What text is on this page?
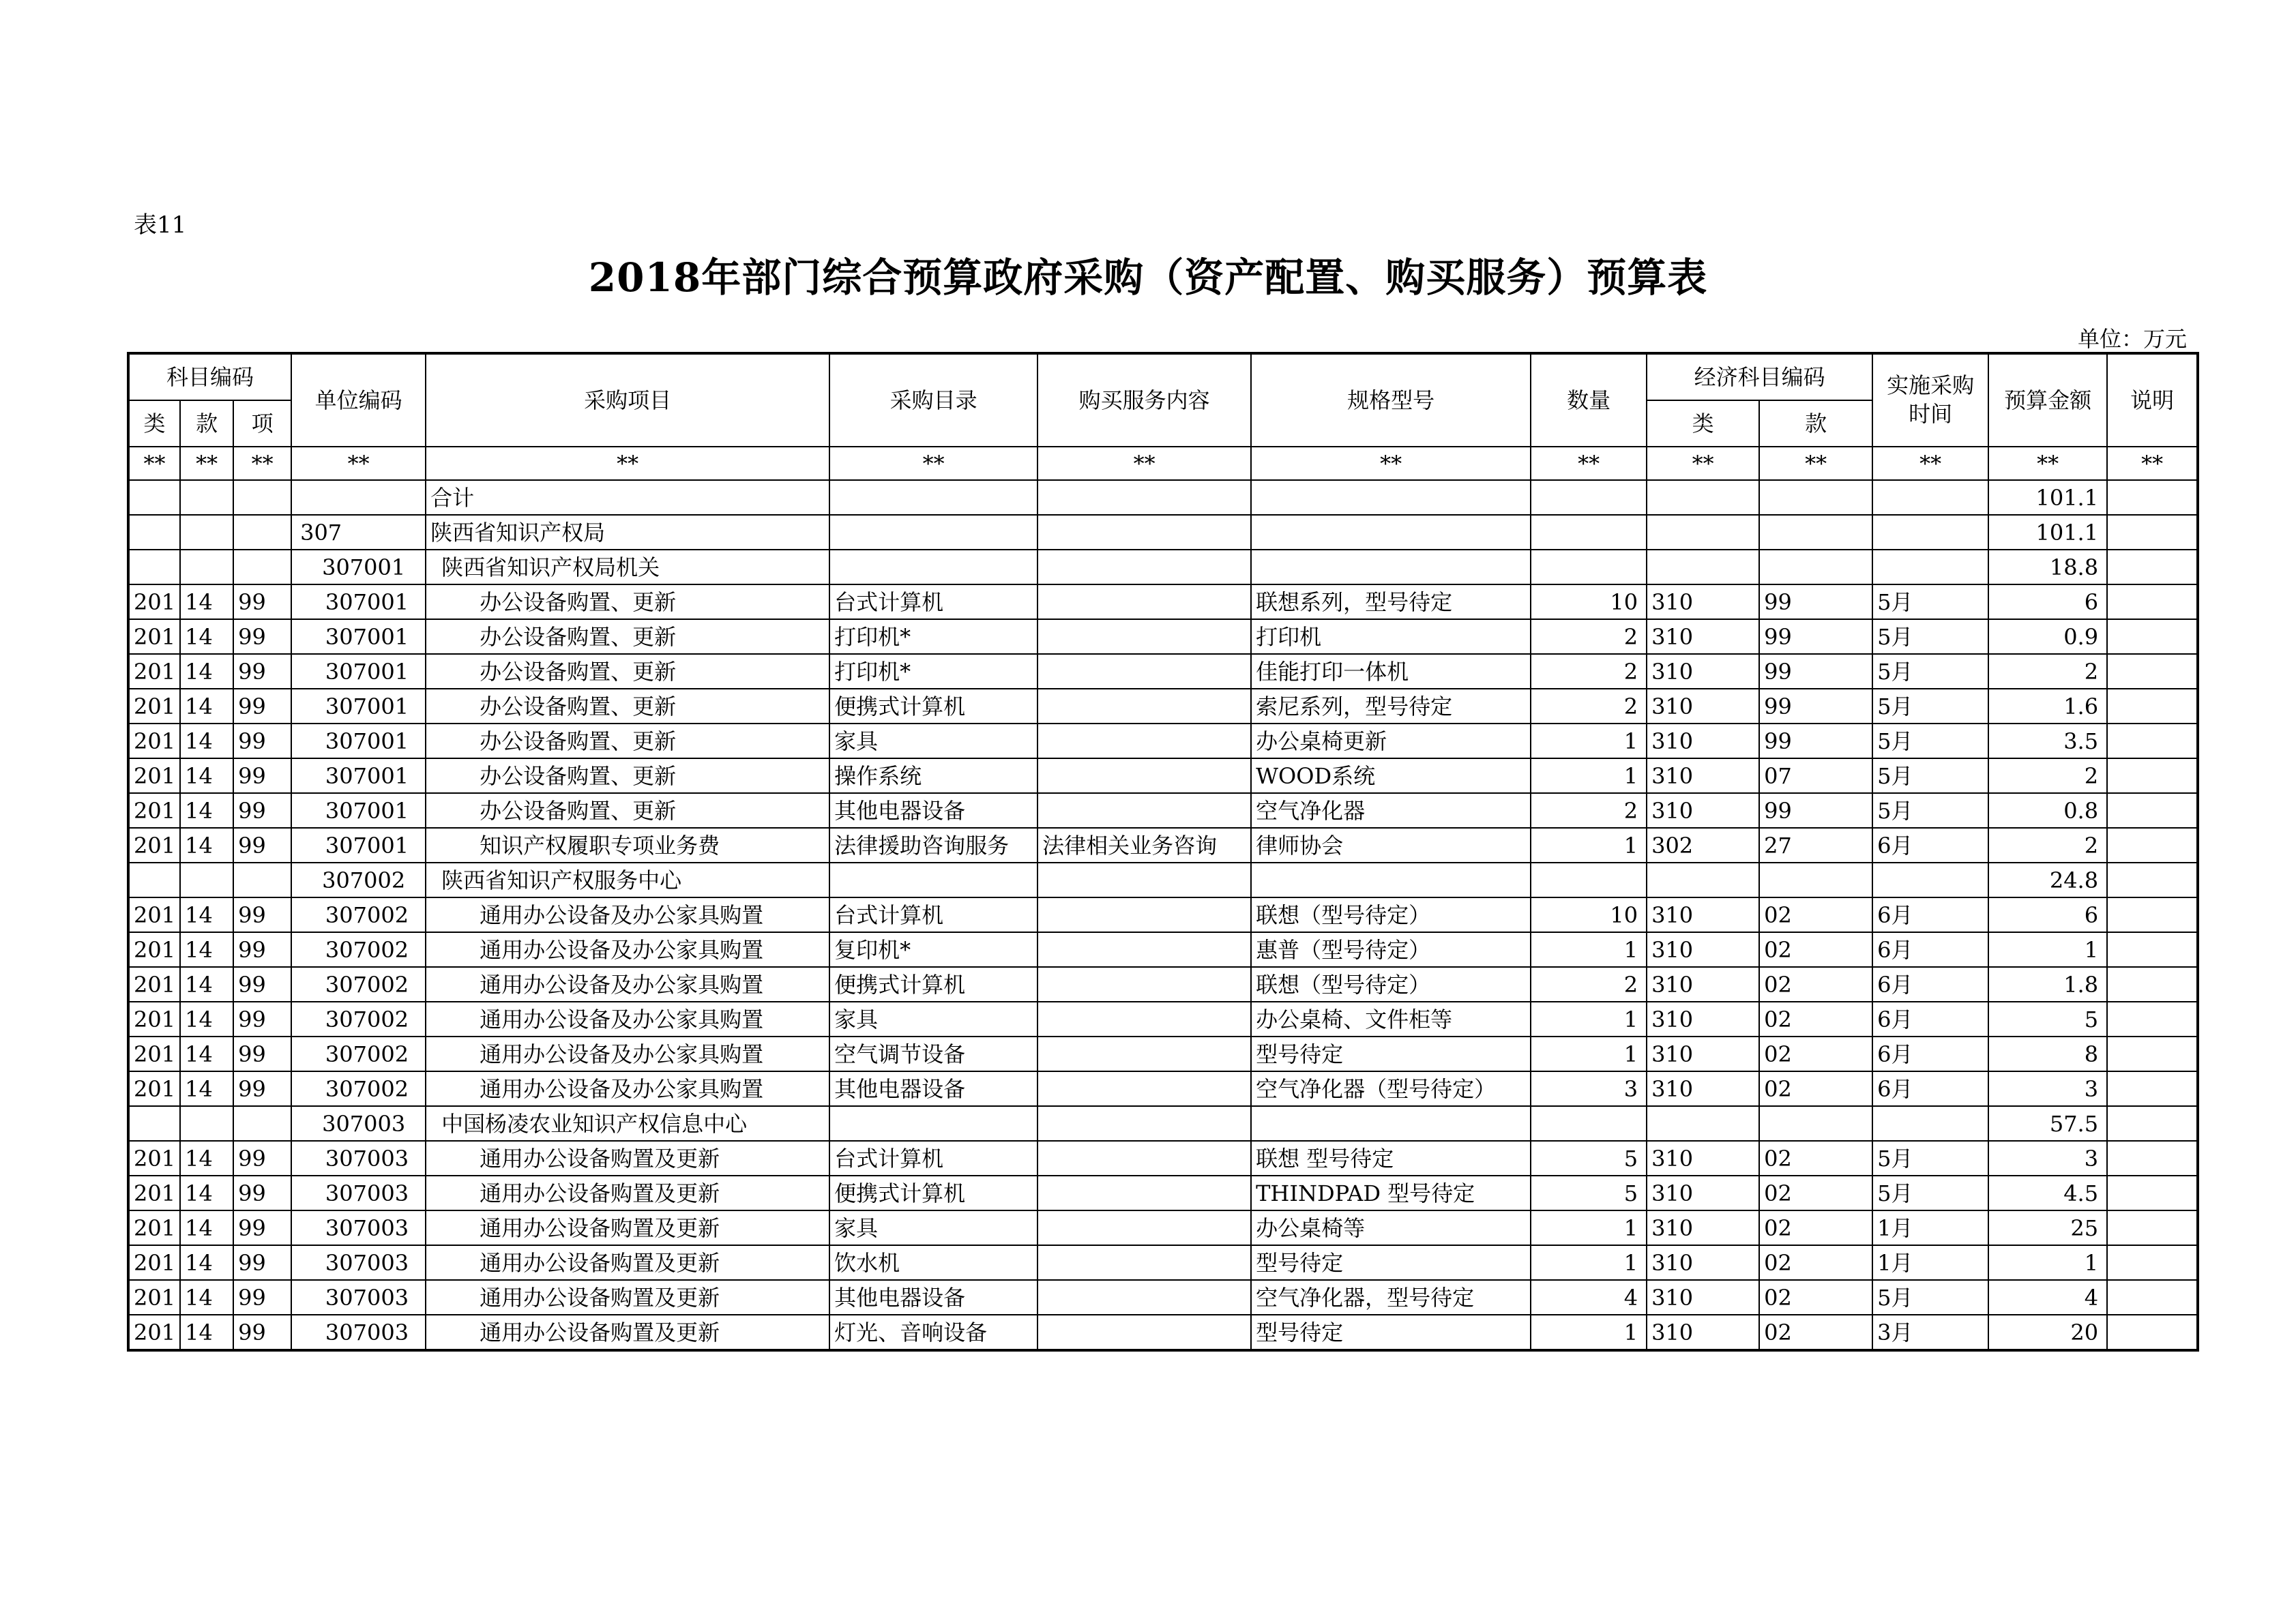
表11
2018年部门综合预算政府采购（资产配置、购买服务）预算表
单位：万元
科目编码			单位编码	采购项目	采购目录	购买服务内容	规格型号	数量	经济科目编码		实施采购时间	预算金额	说明
类	款	项							类	款			
**	**	**	**	**	**	**	**	**	**	**	**	**	**
				合计								101.1	
			307	陕西省知识产权局								101.1	
			307001	陕西省知识产权局机关								18.8	
201	14	99	307001	办公设备购置、更新	台式计算机		联想系列，型号待定	10	310	99	5月	6	
201	14	99	307001	办公设备购置、更新	打印机*		打印机	2	310	99	5月	0.9	
201	14	99	307001	办公设备购置、更新	打印机*		佳能打印一体机	2	310	99	5月	2	
201	14	99	307001	办公设备购置、更新	便携式计算机		索尼系列，型号待定	2	310	99	5月	1.6	
201	14	99	307001	办公设备购置、更新	家具		办公桌椅更新	1	310	99	5月	3.5	
201	14	99	307001	办公设备购置、更新	操作系统		WOOD系统	1	310	07	5月	2	
201	14	99	307001	办公设备购置、更新	其他电器设备		空气净化器	2	310	99	5月	0.8	
201	14	99	307001	知识产权履职专项业务费	法律援助咨询服务	法律相关业务咨询	律师协会	1	302	27	6月	2	
			307002	陕西省知识产权服务中心								24.8	
201	14	99	307002	通用办公设备及办公家具购置	台式计算机		联想（型号待定）	10	310	02	6月	6	
201	14	99	307002	通用办公设备及办公家具购置	复印机*		惠普（型号待定）	1	310	02	6月	1	
201	14	99	307002	通用办公设备及办公家具购置	便携式计算机		联想（型号待定）	2	310	02	6月	1.8	
201	14	99	307002	通用办公设备及办公家具购置	家具		办公桌椅、文件柜等	1	310	02	6月	5	
201	14	99	307002	通用办公设备及办公家具购置	空气调节设备		型号待定	1	310	02	6月	8	
201	14	99	307002	通用办公设备及办公家具购置	其他电器设备		空气净化器（型号待定）	3	310	02	6月	3	
			307003	中国杨凌农业知识产权信息中心								57.5	
201	14	99	307003	通用办公设备购置及更新	台式计算机		联想 型号待定	5	310	02	5月	3	
201	14	99	307003	通用办公设备购置及更新	便携式计算机		THINDPAD 型号待定	5	310	02	5月	4.5	
201	14	99	307003	通用办公设备购置及更新	家具		办公桌椅等	1	310	02	1月	25	
201	14	99	307003	通用办公设备购置及更新	饮水机		型号待定	1	310	02	1月	1	
201	14	99	307003	通用办公设备购置及更新	其他电器设备		空气净化器，型号待定	4	310	02	5月	4	
201	14	99	307003	通用办公设备购置及更新	灯光、音响设备		型号待定	1	310	02	3月	20	
